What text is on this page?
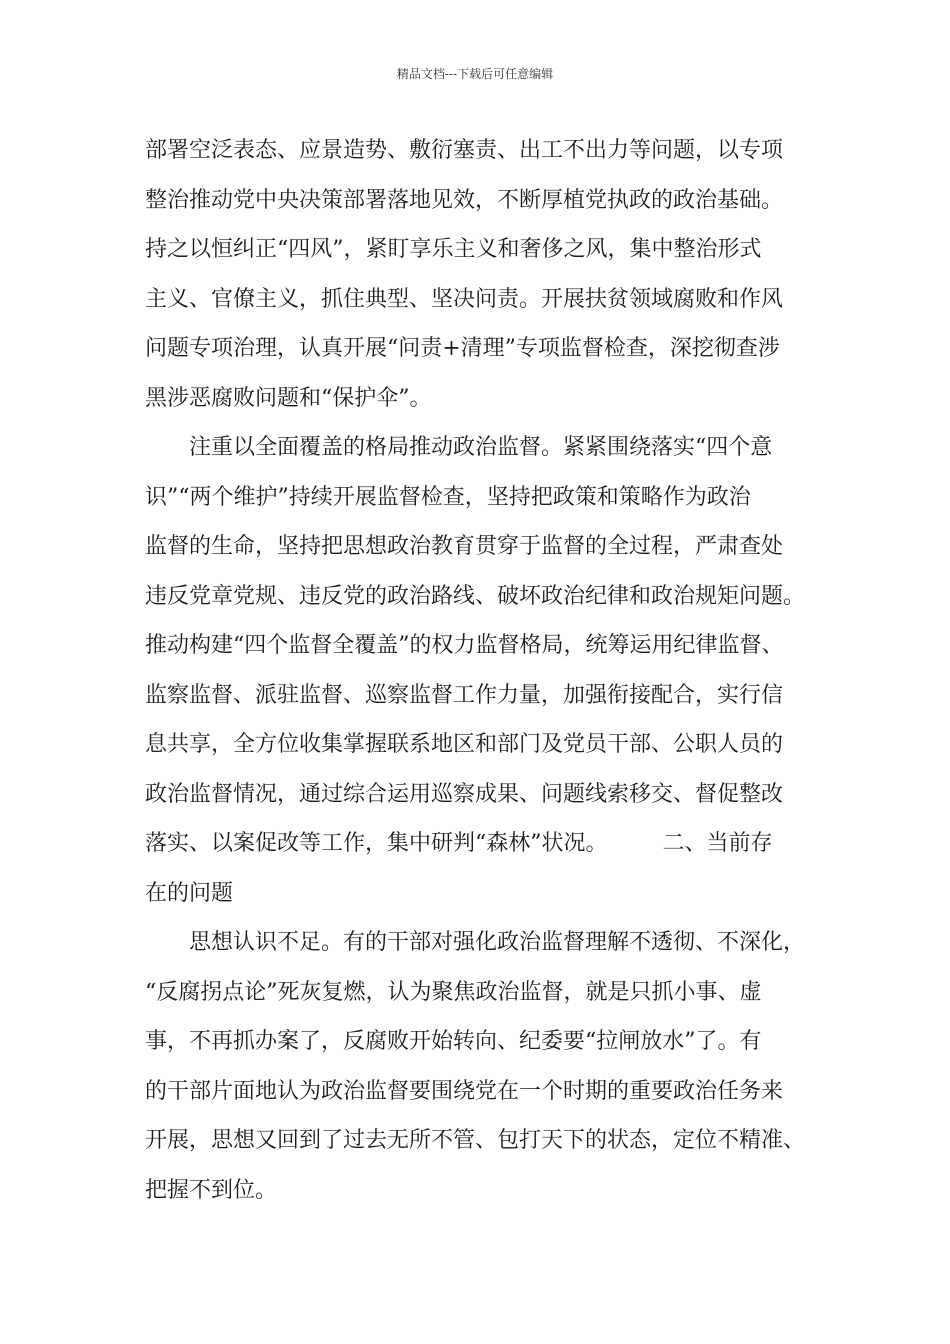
精品文档---下载后可任意编辑
部署空泛表态、应景造势、敷衍塞责、出工不出力等问题，以专项
整治推动党中央决策部署落地见效，不断厚植党执政的政治基础。
持之以恒纠正“四风”，紧盯享乐主义和奢侈之风，集中整治形式
主义、官僚主义，抓住典型、坚决问责。开展扶贫领域腐败和作风
问题专项治理，认真开展“问责+清理”专项监督检查，深挖彻查涉
黑涉恶腐败问题和“保护伞”。
　　注重以全面覆盖的格局推动政治监督。紧紧围绕落实“四个意
识”“两个维护”持续开展监督检查，坚持把政策和策略作为政治
监督的生命，坚持把思想政治教育贯穿于监督的全过程，严肃查处
违反党章党规、违反党的政治路线、破坏政治纪律和政治规矩问题。
推动构建“四个监督全覆盖”的权力监督格局，统筹运用纪律监督、
监察监督、派驻监督、巡察监督工作力量，加强衔接配合，实行信
息共享，全方位收集掌握联系地区和部门及党员干部、公职人员的
政治监督情况，通过综合运用巡察成果、问题线索移交、督促整改
落实、以案促改等工作，集中研判“森林”状况。　　　二、当前存
在的问题
　　思想认识不足。有的干部对强化政治监督理解不透彻、不深化，
“反腐拐点论”死灰复燃，认为聚焦政治监督，就是只抓小事、虚
事，不再抓办案了，反腐败开始转向、纪委要“拉闸放水”了。有
的干部片面地认为政治监督要围绕党在一个时期的重要政治任务来
开展，思想又回到了过去无所不管、包打天下的状态，定位不精准、
把握不到位。
